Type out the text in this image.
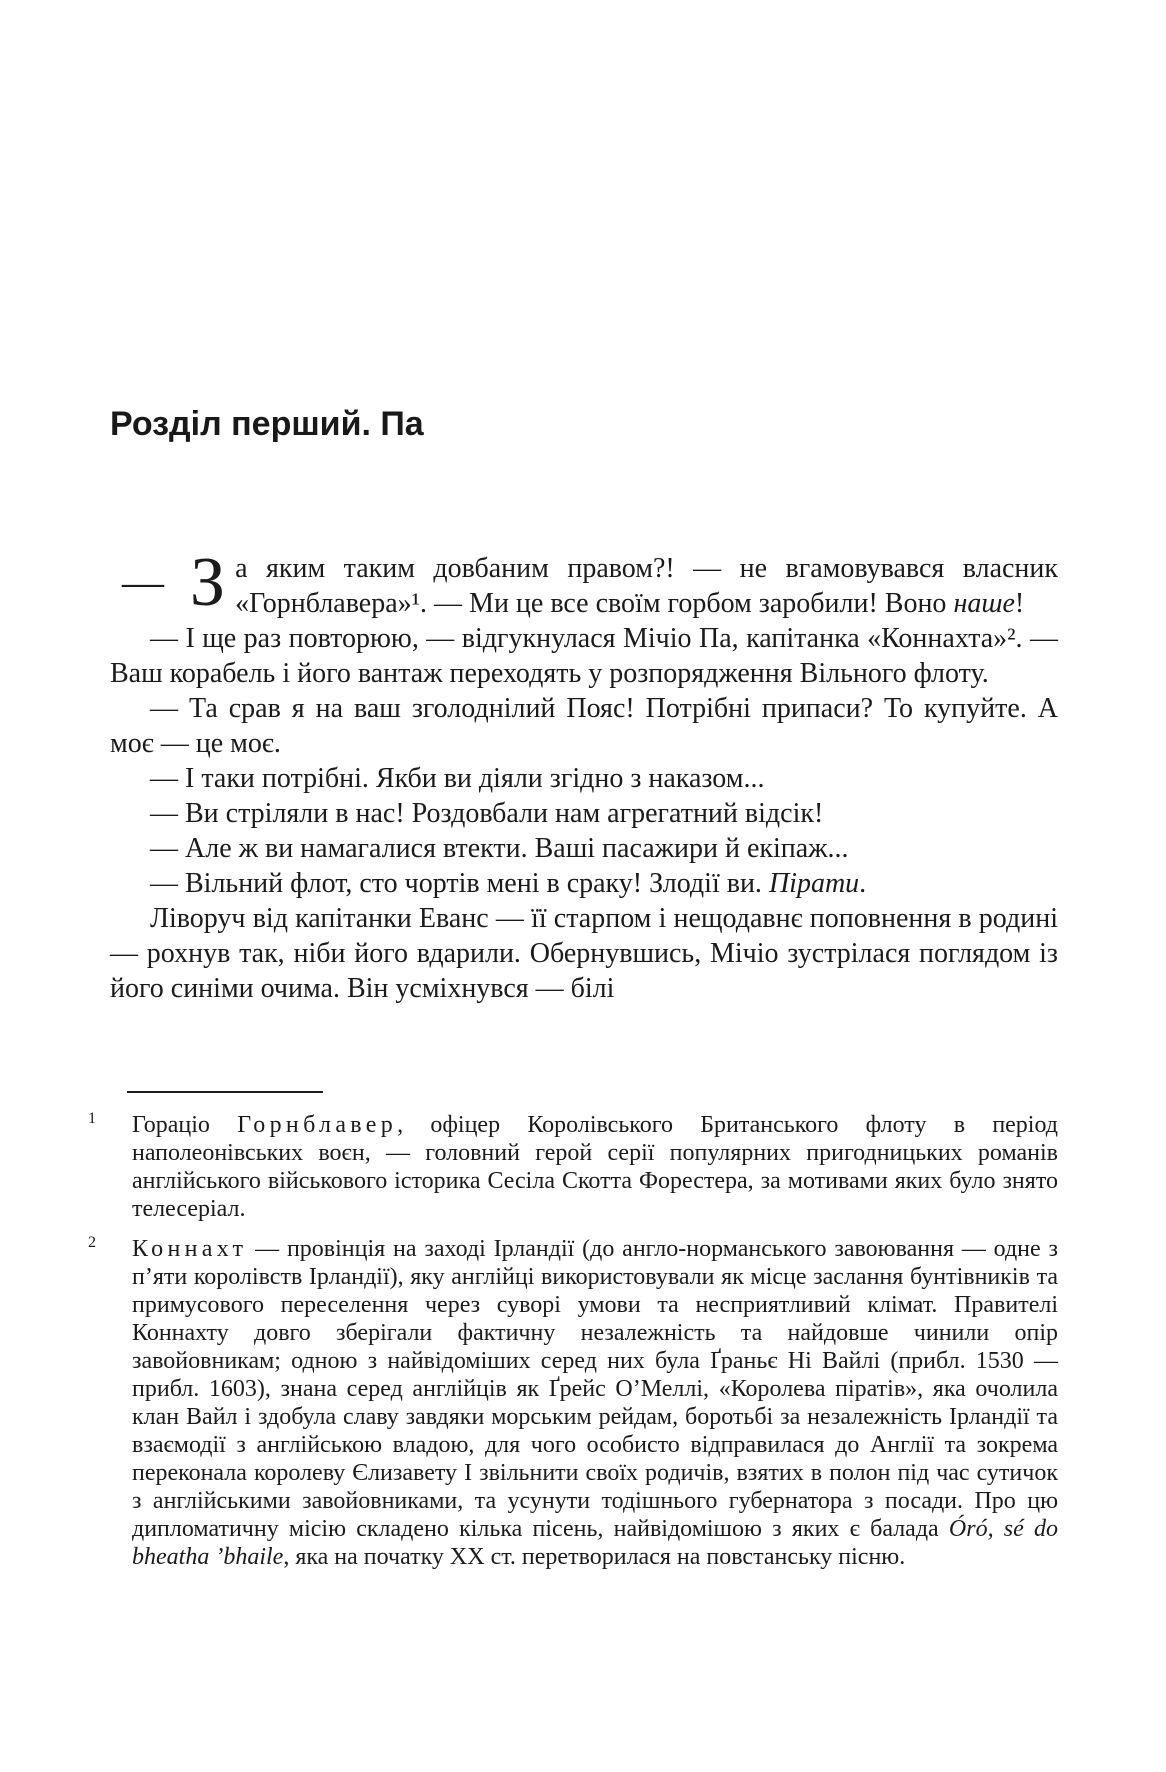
Розділ перший. Па

— З а яким таким довбаним правом?! — не вгамовувався власник «Горнблавера»¹. — Ми це все своїм горбом заробили! Воно наше!

— І ще раз повторюю, — відгукнулася Мічіо Па, капітанка «Коннахта»². — Ваш корабель і його вантаж переходять у розпорядження Вільного флоту.

— Та срав я на ваш зголоднілий Пояс! Потрібні припаси? То купуйте. А моє — це моє.

— І таки потрібні. Якби ви діяли згідно з наказом...

— Ви стріляли в нас! Роздовбали нам агрегатний відсік!

— Але ж ви намагалися втекти. Ваші пасажири й екіпаж...

— Вільний флот, сто чортів мені в сраку! Злодії ви. Пірати.

Ліворуч від капітанки Еванс — її старпом і нещодавнє поповнення в родині — рохнув так, ніби його вдарили. Обернувшись, Мічіо зустрілася поглядом із його синіми очима. Він усміхнувся — білі

1 Гораціо Горнблавер, офіцер Королівського Британського флоту в період наполеонівських воєн, — головний герой серії популярних пригодницьких романів англійського військового історика Сесіла Скотта Форестера, за мотивами яких було знято телесеріал.

2 Коннахт — провінція на заході Ірландії (до англо-норманського завоювання — одне з п’яти королівств Ірландії), яку англійці використовували як місце заслання бунтівників та примусового переселення через суворі умови та несприятливий клімат. Правителі Коннахту довго зберігали фактичну незалежність та найдовше чинили опір завойовникам; одною з найвідоміших серед них була Ґраньє Ні Вайлі (прибл. 1530 — прибл. 1603), знана серед англійців як Ґрейс О’Меллі, «Королева піратів», яка очолила клан Вайл і здобула славу завдяки морським рейдам, боротьбі за незалежність Ірландії та взаємодії з англійською владою, для чого особисто відправилася до Англії та зокрема переконала королеву Єлизавету I звільнити своїх родичів, взятих в полон під час сутичок з англійськими завойовниками, та усунути тодішнього губернатора з посади. Про цю дипломатичну місію складено кілька пісень, найвідомішою з яких є балада Óró, sé do bheatha ’bhaile, яка на початку XX ст. перетворилася на повстанську пісню.
